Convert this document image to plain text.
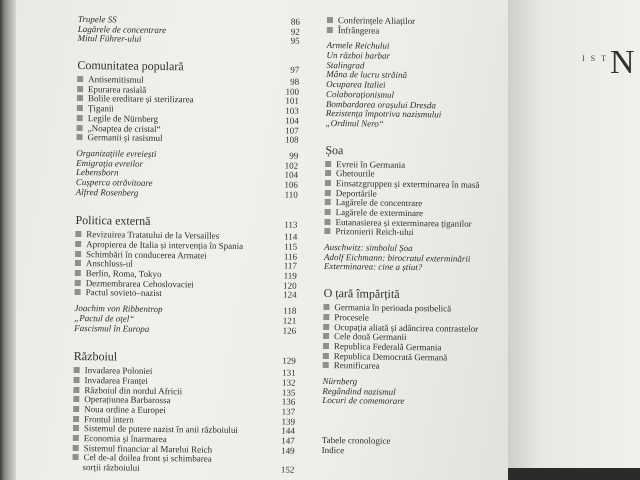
IST
N
Trupele SS	86
Lagărele de concentrare	92
Mitul Führer-ului	95
Comunitatea populară	97
Antisemitismul	98
Epurarea rasială	100
Bolile ereditare și sterilizarea	101
Țiganii	103
Legile de Nürnberg	104
„Noaptea de cristal“	107
Germanii și rasismul	108
Organizațiile evreiești	99
Emigrația evreilor	102
Lebensborn	104
Cușperca otrăvitoare	106
Alfred Rosenberg	110
Politica externă	113
Revizuirea Tratatului de la Versailles	114
Apropierea de Italia și intervenția în Spania	115
Schimbări în conducerea Armatei	116
Anschluss-ul	117
Berlin, Roma, Tokyo	119
Dezmembrarea Cehoslovaciei	120
Pactul sovieto–nazist	124
Joachim von Ribbentrop	118
„Pactul de oțel“	121
Fascismul în Europa	126
Războiul	129
Invadarea Poloniei	131
Invadarea Franței	132
Războiul din nordul Africii	135
Operațiunea Barbarossa	136
Noua ordine a Europei	137
Frontul intern	139
Sistemul de putere nazist în anii războiului	144
Economia și înarmarea	147
Sistemul financiar al Marelui Reich	149
Cel de-al doilea front și schimbarea
sorții războiului	152
Conferințele Aliaților
Înfrângerea
Armele Reichului
Un război barbar
Stalingrad
Mâna de lucru străină
Ocuparea Italiei
Colaboraționismul
Bombardarea orașului Dresda
Rezistența împotriva nazismului
„Ordinul Nero“
Șoa
Evreii în Germania
Ghetourile
Einsatzgruppen și exterminarea în masă
Deportările
Lagărele de concentrare
Lagărele de exterminare
Eutanasierea și exterminarea țiganilor
Prizonierii Reich-ului
Auschwitz: simbolul Șoa
Adolf Eichmann: birocratul exterminării
Exterminarea: cine a știut?
O țară împărțită
Germania în perioada postbelică
Procesele
Ocupația aliată și adâncirea contrastelor
Cele două Germanii
Republica Federală Germania
Republica Democrată Germană
Reunificarea
Nürnberg
Regândind nazismul
Locuri de comemorare
Tabele cronologice
Indice
